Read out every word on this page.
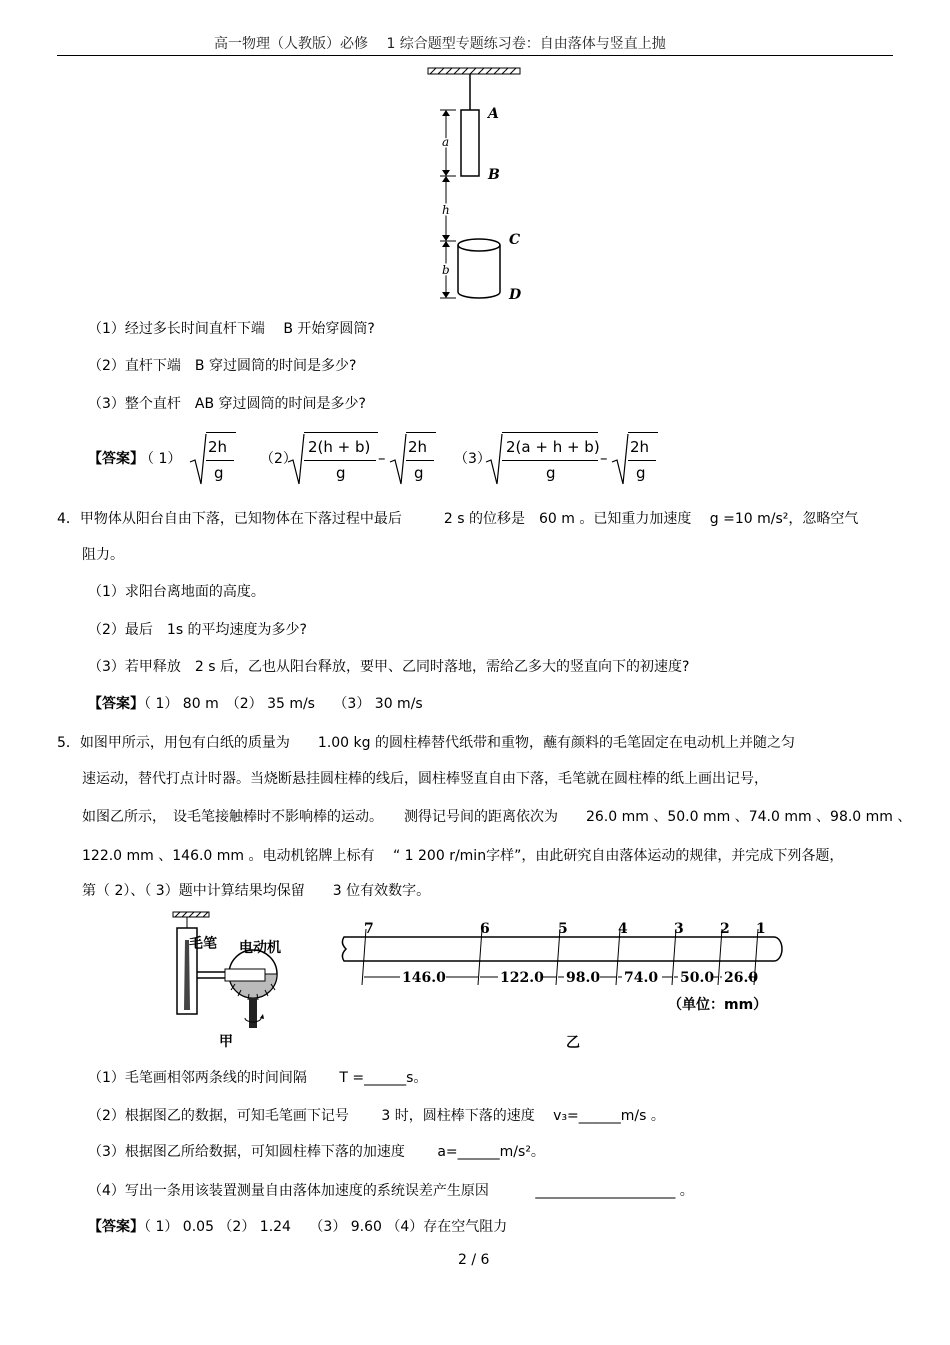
高一物理（人教版）必修　 1 综合题型专题练习卷：自由落体与竖直上抛
A
B
C
D
a
h
b
（1）经过多长时间直杆下端　 B 开始穿圆筒?
（2）直杆下端　B 穿过圆筒的时间是多少?
（3）整个直杆　AB 穿过圆筒的时间是多少?
【答案】
（ 1）
2h
g
（2）
2(h + b)
g
–
2h
g
（3）
2(a + h + b)
g
–
2h
g
4．甲物体从阳台自由下落，已知物体在下落过程中最后　　　2 s 的位移是　60 m 。已知重力加速度　 g =10 m/s²，忽略空气
阻力。
（1）求阳台离地面的高度。
（2）最后　1s 的平均速度为多少?
（3）若甲释放　2 s 后，乙也从阳台释放，要甲、乙同时落地，需给乙多大的竖直向下的初速度?
【答案】（ 1） 80 m　（2） 35 m/s　 （3） 30 m/s
5．如图甲所示，用包有白纸的质量为　　1.00 kg 的圆柱棒替代纸带和重物，蘸有颜料的毛笔固定在电动机上并随之匀
速运动，替代打点计时器。当烧断悬挂圆柱棒的线后，圆柱棒竖直自由下落，毛笔就在圆柱棒的纸上画出记号，
如图乙所示，　设毛笔接触棒时不影响棒的运动。　　测得记号间的距离依次为　　26.0 mm 、50.0 mm 、74.0 mm 、98.0 mm 、
122.0 mm 、146.0 mm 。电动机铭牌上标有　 “ 1 200 r/min字样”，由此研究自由落体运动的规律，并完成下列各题，
第（ 2）、（ 3）题中计算结果均保留　　3 位有效数字。
毛笔 电动机
甲
7	6	5	4	3	2 1
146.0	122.0 98.0 74.0 50.0 26.0
（单位：mm）
乙
（1）毛笔画相邻两条线的时间间隔　　 T =______s。
（2）根据图乙的数据，可知毛笔画下记号　　 3 时，圆柱棒下落的速度　 v₃=______m/s 。
（3）根据图乙所给数据，可知圆柱棒下落的加速度　　 a=______m/s²。
（4）写出一条用该装置测量自由落体加速度的系统误差产生原因　　　 ____________________ 。
【答案】（ 1） 0.05 （2） 1.24　 （3） 9.60 （4）存在空气阻力
2 / 6
